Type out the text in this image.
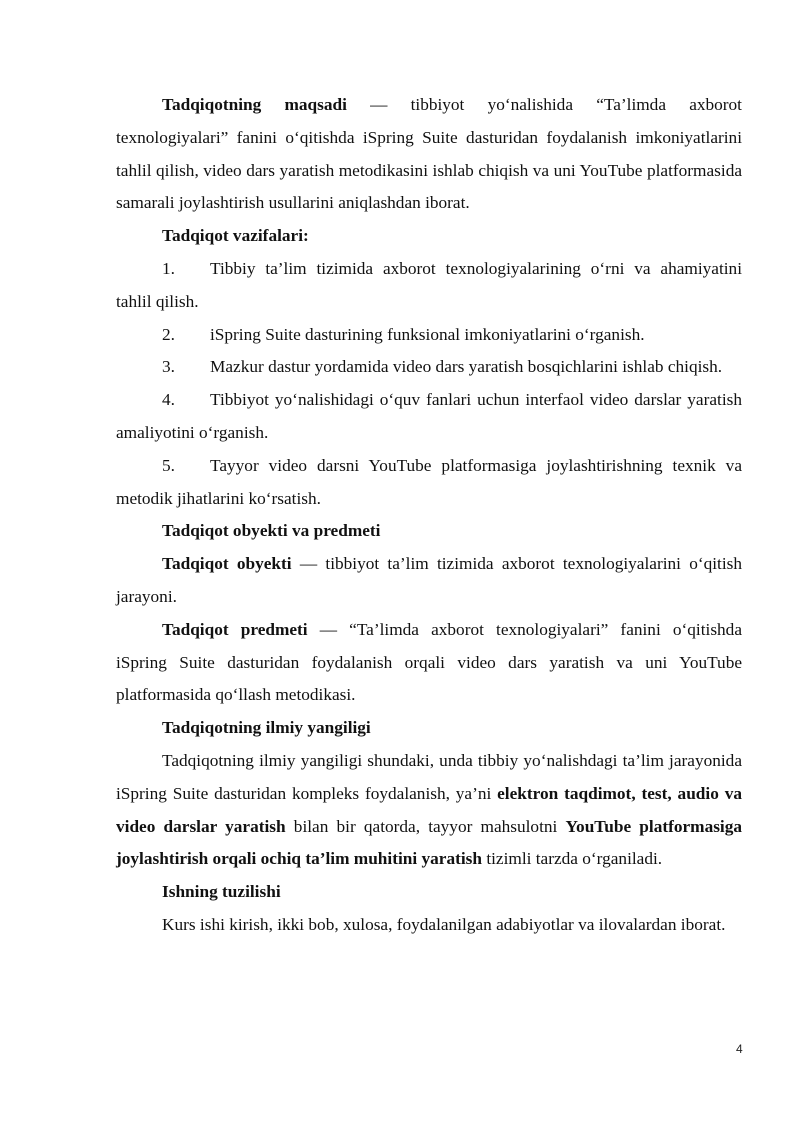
Tadqiqotning maqsadi — tibbiyot yo‘nalishida “Ta’limda axborot texnologiyalari” fanini o‘qitishda iSpring Suite dasturidan foydalanish imkoniyatlarini tahlil qilish, video dars yaratish metodikasini ishlab chiqish va uni YouTube platformasida samarali joylashtirish usullarini aniqlashdan iborat.

Tadqiqot vazifalari:

1. Tibbiy ta’lim tizimida axborot texnologiyalarining o‘rni va ahamiyatini tahlil qilish.

2. iSpring Suite dasturining funksional imkoniyatlarini o‘rganish.

3. Mazkur dastur yordamida video dars yaratish bosqichlarini ishlab chiqish.

4. Tibbiyot yo‘nalishidagi o‘quv fanlari uchun interfaol video darslar yaratish amaliyotini o‘rganish.

5. Tayyor video darsni YouTube platformasiga joylashtirishning texnik va metodik jihatlarini ko‘rsatish.

Tadqiqot obyekti va predmeti

Tadqiqot obyekti — tibbiyot ta’lim tizimida axborot texnologiyalarini o‘qitish jarayoni.

Tadqiqot predmeti — “Ta’limda axborot texnologiyalari” fanini o‘qitishda iSpring Suite dasturidan foydalanish orqali video dars yaratish va uni YouTube platformasida qo‘llash metodikasi.

Tadqiqotning ilmiy yangiligi

Tadqiqotning ilmiy yangiligi shundaki, unda tibbiy yo‘nalishdagi ta’lim jarayonida iSpring Suite dasturidan kompleks foydalanish, ya’ni elektron taqdimot, test, audio va video darslar yaratish bilan bir qatorda, tayyor mahsulotni YouTube platformasiga joylashtirish orqali ochiq ta’lim muhitini yaratish tizimli tarzda o‘rganiladi.

Ishning tuzilishi

Kurs ishi kirish, ikki bob, xulosa, foydalanilgan adabiyotlar va ilovalardan iborat.

4
